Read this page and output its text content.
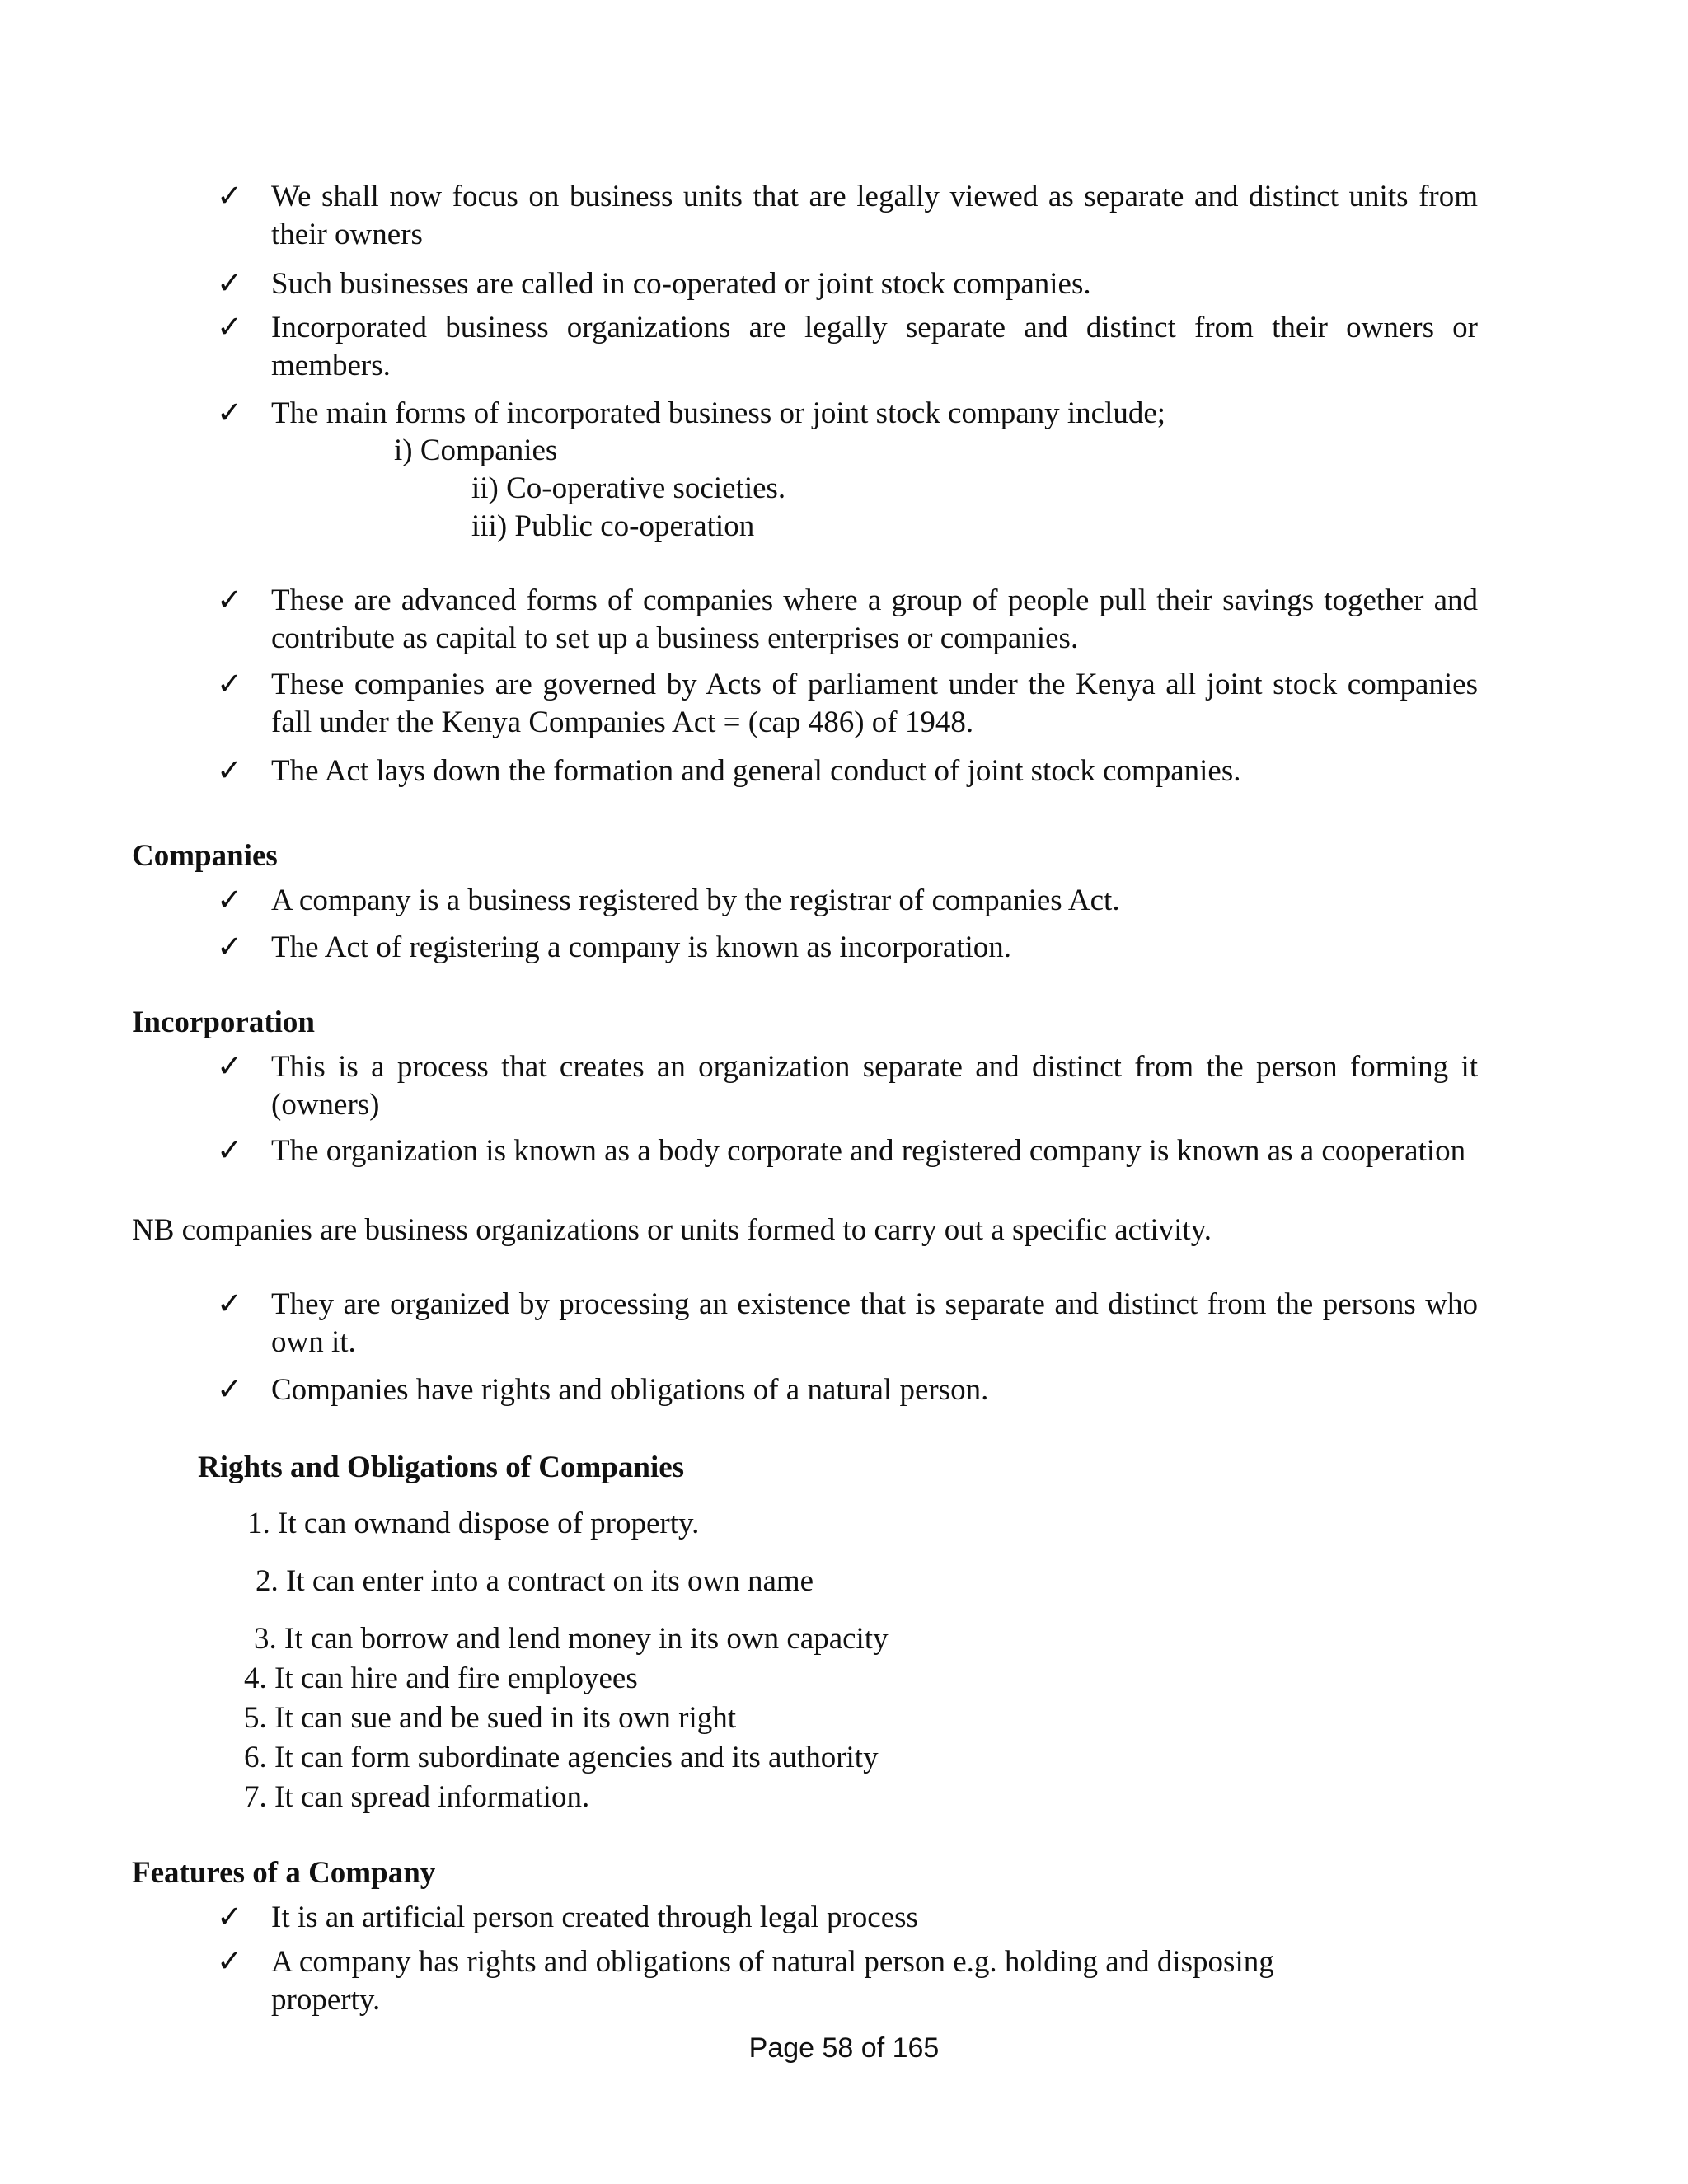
✓ We shall now focus on business units that are legally viewed as separate and distinct units from their owners
✓ Such businesses are called in co-operated or joint stock companies.
✓ Incorporated business organizations are legally separate and distinct from their owners or members.
✓ The main forms of incorporated business or joint stock company include;
i) Companies
ii) Co-operative societies.
iii) Public co-operation
✓ These are advanced forms of companies where a group of people pull their savings together and contribute as capital to set up a business enterprises or companies.
✓ These companies are governed by Acts of parliament under the Kenya all joint stock companies fall under the Kenya Companies Act = (cap 486) of 1948.
✓ The Act lays down the formation and general conduct of joint stock companies.
Companies
✓ A company is a business registered by the registrar of companies Act.
✓ The Act of registering a company is known as incorporation.
Incorporation
✓ This is a process that creates an organization separate and distinct from the person forming it (owners)
✓ The organization is known as a body corporate and registered company is known as a cooperation
NB companies are business organizations or units formed to carry out a specific activity.
✓ They are organized by processing an existence that is separate and distinct from the persons who own it.
✓ Companies have rights and obligations of a natural person.
Rights and Obligations of Companies
1. It can ownand dispose of property.
2. It can enter into a contract on its own name
3. It can borrow and lend money in its own capacity
4. It can hire and fire employees
5. It can sue and be sued in its own right
6. It can form subordinate agencies and its authority
7. It can spread information.
Features of a Company
✓ It is an artificial person created through legal process
✓ A company has rights and obligations of natural person e.g. holding and disposing property.
Page 58 of 165
